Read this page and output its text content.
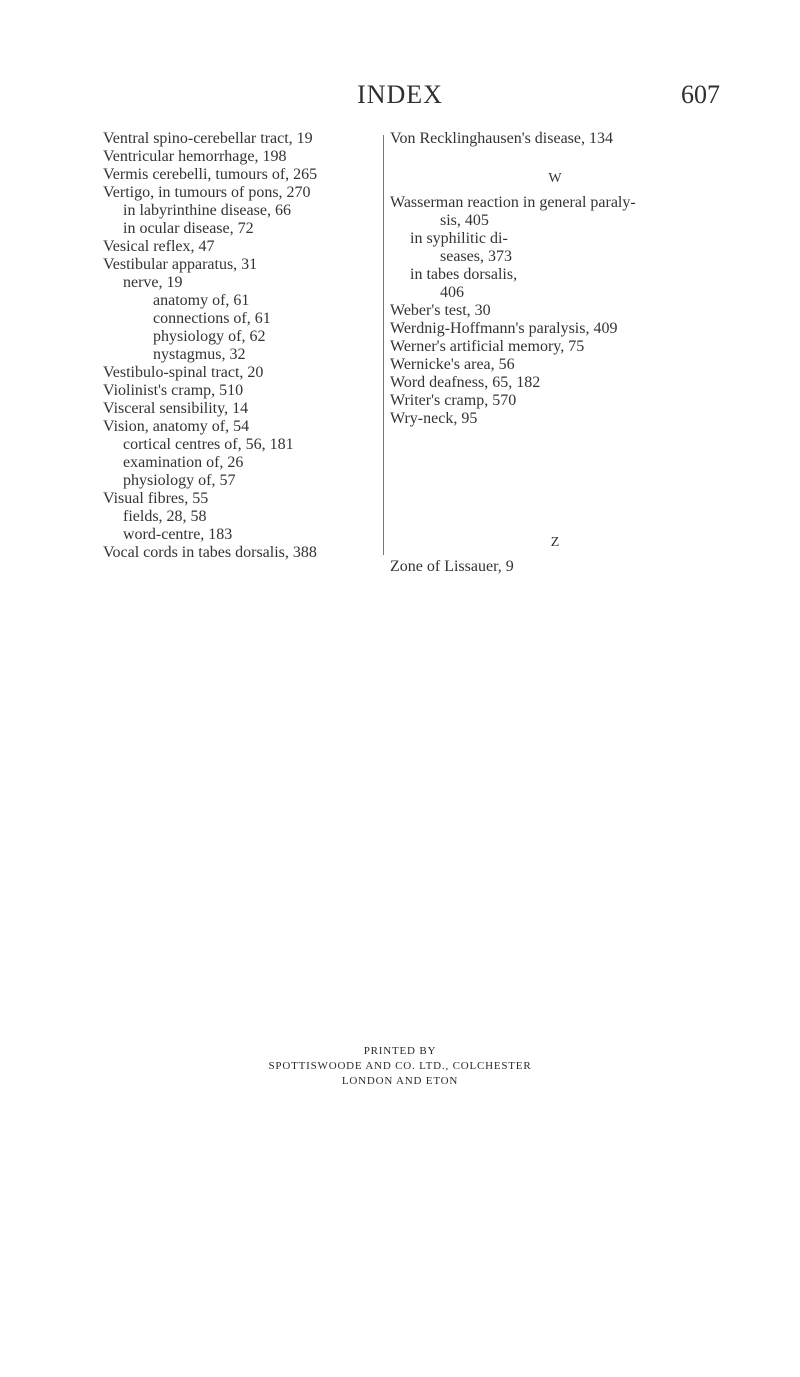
INDEX	607
Ventral spino-cerebellar tract, 19
Ventricular hemorrhage, 198
Vermis cerebelli, tumours of, 265
Vertigo, in tumours of pons, 270
in labyrinthine disease, 66
in ocular disease, 72
Vesical reflex, 47
Vestibular apparatus, 31
nerve, 19
anatomy of, 61
connections of, 61
physiology of, 62
nystagmus, 32
Vestibulo-spinal tract, 20
Violinist's cramp, 510
Visceral sensibility, 14
Vision, anatomy of, 54
cortical centres of, 56, 181
examination of, 26
physiology of, 57
Visual fibres, 55
fields, 28, 58
word-centre, 183
Vocal cords in tabes dorsalis, 388
Von Recklinghausen's disease, 134
W
Wasserman reaction in general paraly-
sis, 405
in syphilitic di-
seases, 373
in tabes dorsalis,
406
Weber's test, 30
Werdnig-Hoffmann's paralysis, 409
Werner's artificial memory, 75
Wernicke's area, 56
Word deafness, 65, 182
Writer's cramp, 570
Wry-neck, 95
Z
Zone of Lissauer, 9
PRINTED BY
SPOTTISWOODE AND CO. LTD., COLCHESTER
LONDON AND ETON
